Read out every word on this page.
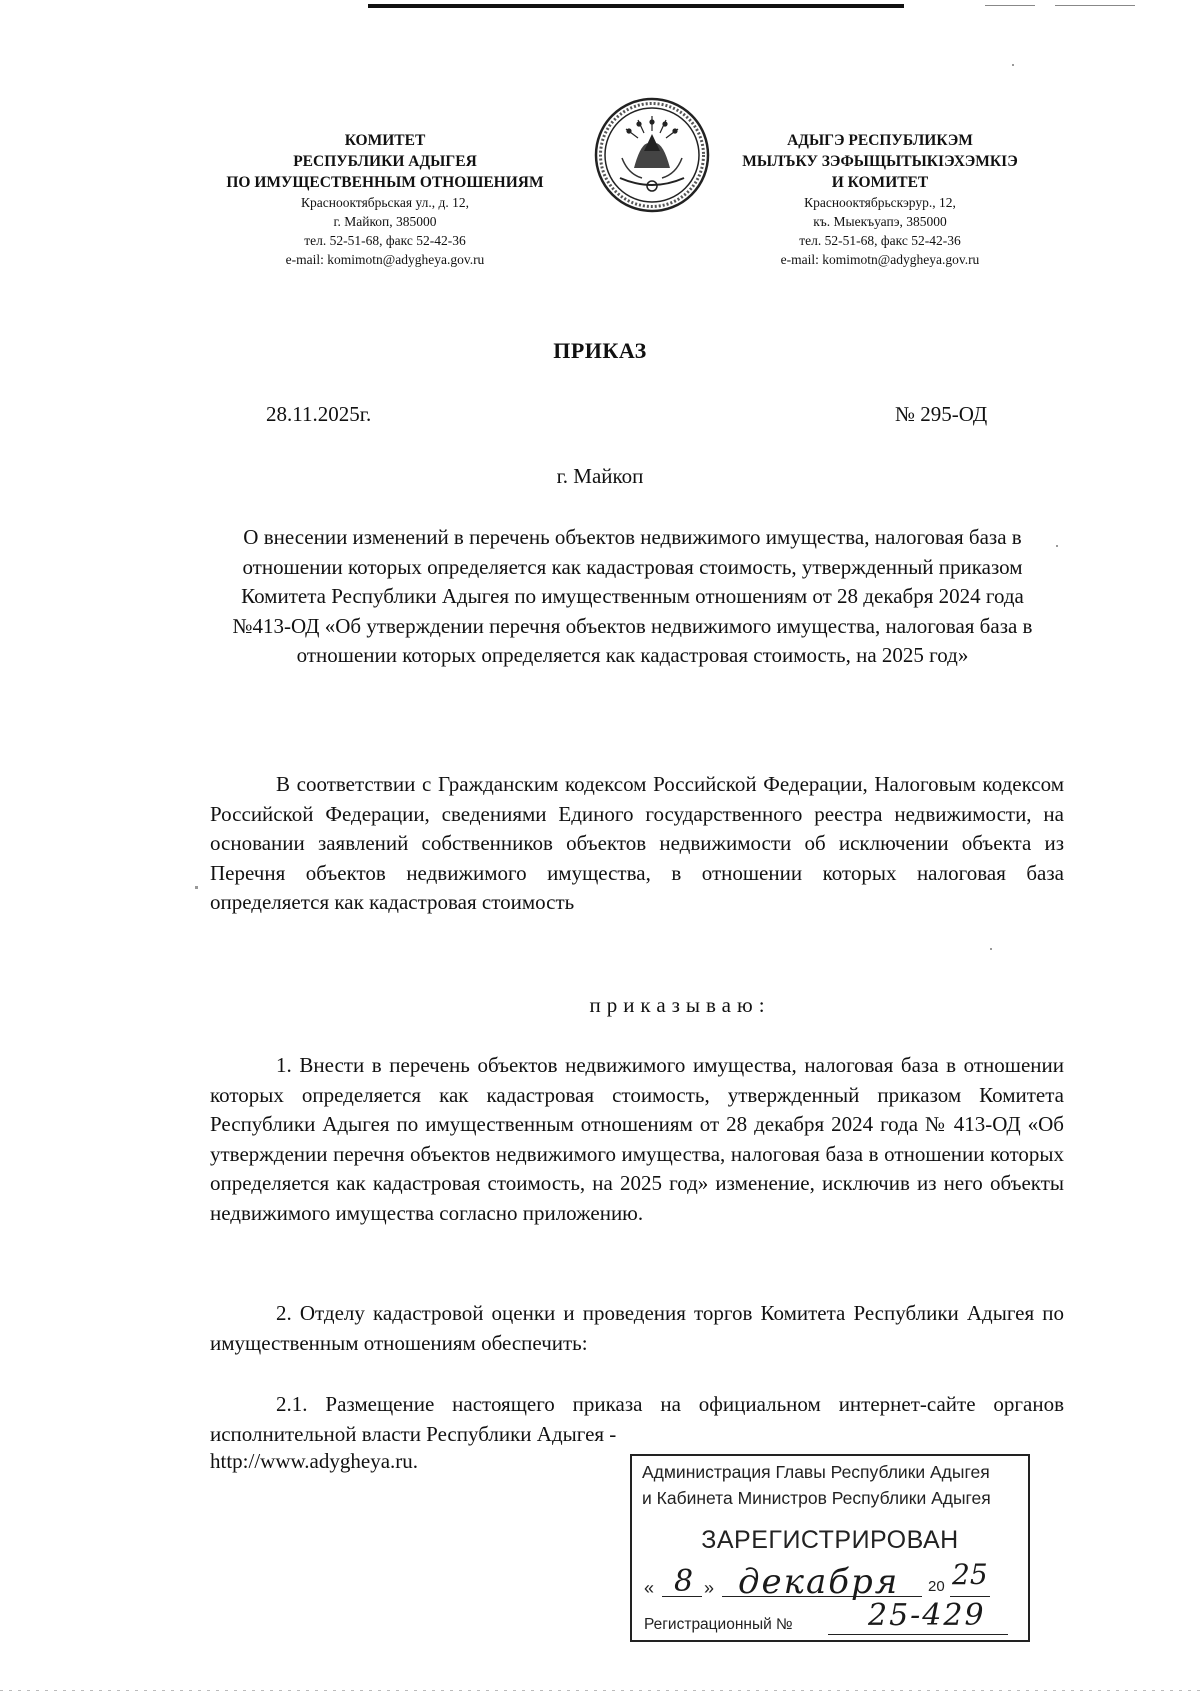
КОМИТЕТ
РЕСПУБЛИКИ АДЫГЕЯ
ПО ИМУЩЕСТВЕННЫМ ОТНОШЕНИЯМ
Краснооктябрьская ул., д. 12,
г. Майкоп, 385000
тел. 52-51-68, факс 52-42-36
e-mail: komimotn@adygheya.gov.ru
АДЫГЭ РЕСПУБЛИКЭМ
МЫЛЪКУ ЗЭФЫЩЫТЫКIЭХЭМКIЭ
И КОМИТЕТ
Краснооктябрьскэрур., 12,
къ. Мыекъуапэ, 385000
тел. 52-51-68, факс 52-42-36
e-mail: komimotn@adygheya.gov.ru
ПРИКАЗ
28.11.2025г.	№ 295-ОД
г. Майкоп
О внесении изменений в перечень объектов недвижимого имущества, налоговая база в отношении которых определяется как кадастровая стоимость, утвержденный приказом Комитета Республики Адыгея по имущественным отношениям от 28 декабря 2024 года №413-ОД «Об утверждении перечня объектов недвижимого имущества, налоговая база в отношении которых определяется как кадастровая стоимость, на 2025 год»
В соответствии с Гражданским кодексом Российской Федерации, Налоговым кодексом Российской Федерации, сведениями Единого государственного реестра недвижимости, на основании заявлений собственников объектов недвижимости об исключении объекта из Перечня объектов недвижимого имущества, в отношении которых налоговая база определяется как кадастровая стоимость
приказываю:
1. Внести в перечень объектов недвижимого имущества, налоговая база в отношении которых определяется как кадастровая стоимость, утвержденный приказом Комитета Республики Адыгея по имущественным отношениям от 28 декабря 2024 года № 413-ОД «Об утверждении перечня объектов недвижимого имущества, налоговая база в отношении которых определяется как кадастровая стоимость, на 2025 год» изменение, исключив из него объекты недвижимого имущества согласно приложению.
2. Отделу кадастровой оценки и проведения торгов Комитета Республики Адыгея по имущественным отношениям обеспечить:
2.1. Размещение настоящего приказа на официальном интернет-сайте органов исполнительной власти Республики Адыгея -
http://www.adygheya.ru.	Администрация Главы Республики Адыгея
и Кабинета Министров Республики Адыгея
ЗАРЕГИСТРИРОВАН
« 8 » декабря 20 25
Регистрационный №	25-429
